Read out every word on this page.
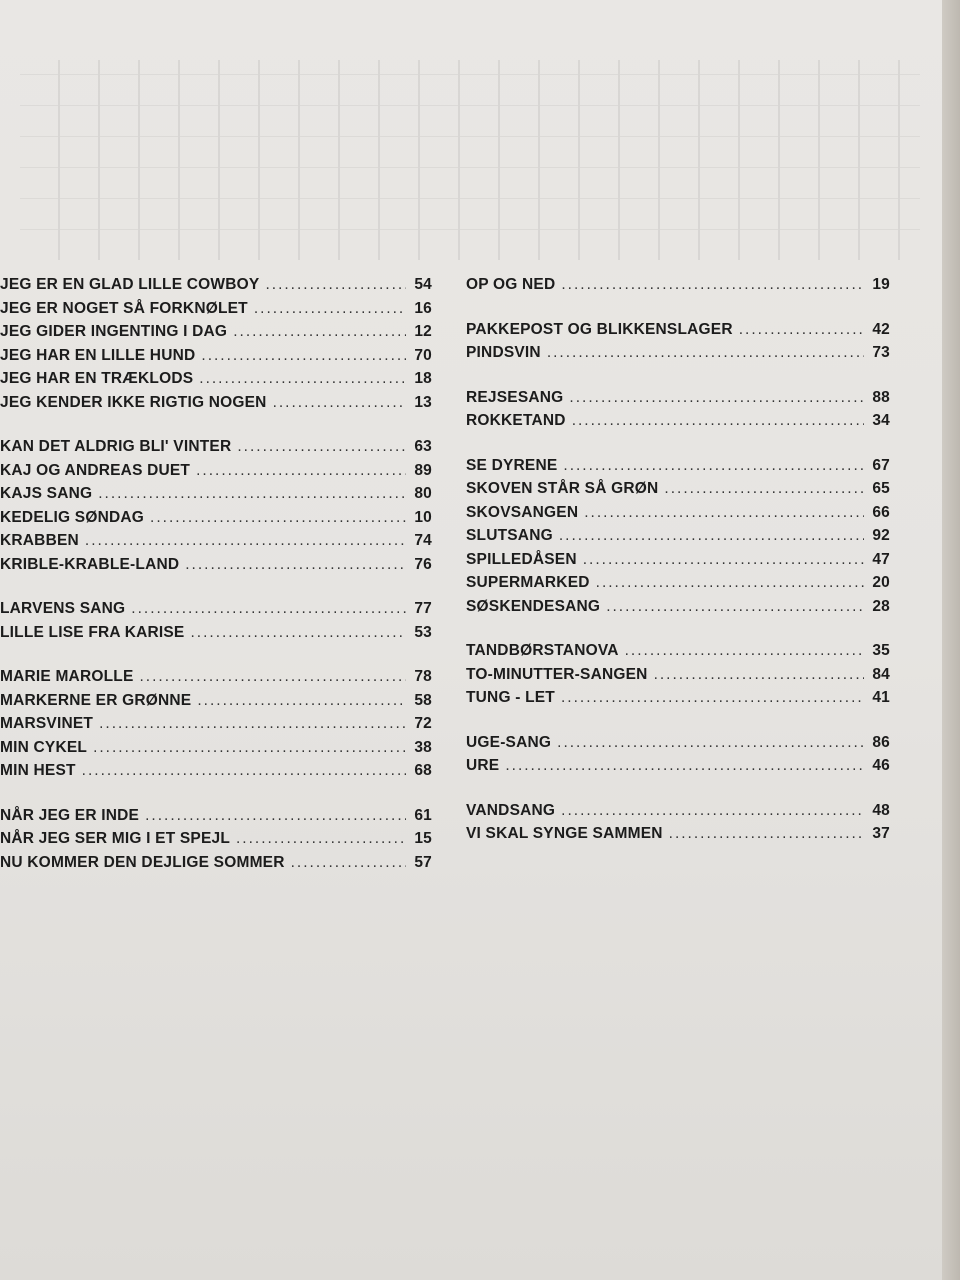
JEG ER EN GLAD LILLE COWBOY .....	54
JEG ER NOGET SÅ FORKNØLET .....	16
JEG GIDER INGENTING I DAG .....	12
JEG HAR EN LILLE HUND .....	70
JEG HAR EN TRÆKLODS .....	18
JEG KENDER IKKE RIGTIG NOGEN .....	13
KAN DET ALDRIG BLI' VINTER .....	63
KAJ OG ANDREAS DUET .....	89
KAJS SANG .....	80
KEDELIG SØNDAG .....	10
KRABBEN .....	74
KRIBLE-KRABLE-LAND .....	76
LARVENS SANG .....	77
LILLE LISE FRA KARISE .....	53
MARIE MAROLLE .....	78
MARKERNE ER GRØNNE .....	58
MARSVINET .....	72
MIN CYKEL .....	38
MIN HEST .....	68
NÅR JEG ER INDE .....	61
NÅR JEG SER MIG I ET SPEJL .....	15
NU KOMMER DEN DEJLIGE SOMMER .....	57
OP OG NED .....	19
PAKKEPOST OG BLIKKENSLAGER .....	42
PINDSVIN .....	73
REJSESANG .....	88
ROKKETAND .....	34
SE DYRENE .....	67
SKOVEN STÅR SÅ GRØN .....	65
SKOVSANGEN .....	66
SLUTSANG .....	92
SPILLEDÅSEN .....	47
SUPERMARKED .....	20
SØSKENDESANG .....	28
TANDBØRSTANOVA .....	35
TO-MINUTTER-SANGEN .....	84
TUNG - LET .....	41
UGE-SANG .....	86
URE .....	46
VANDSANG .....	48
VI SKAL SYNGE SAMMEN .....	37
